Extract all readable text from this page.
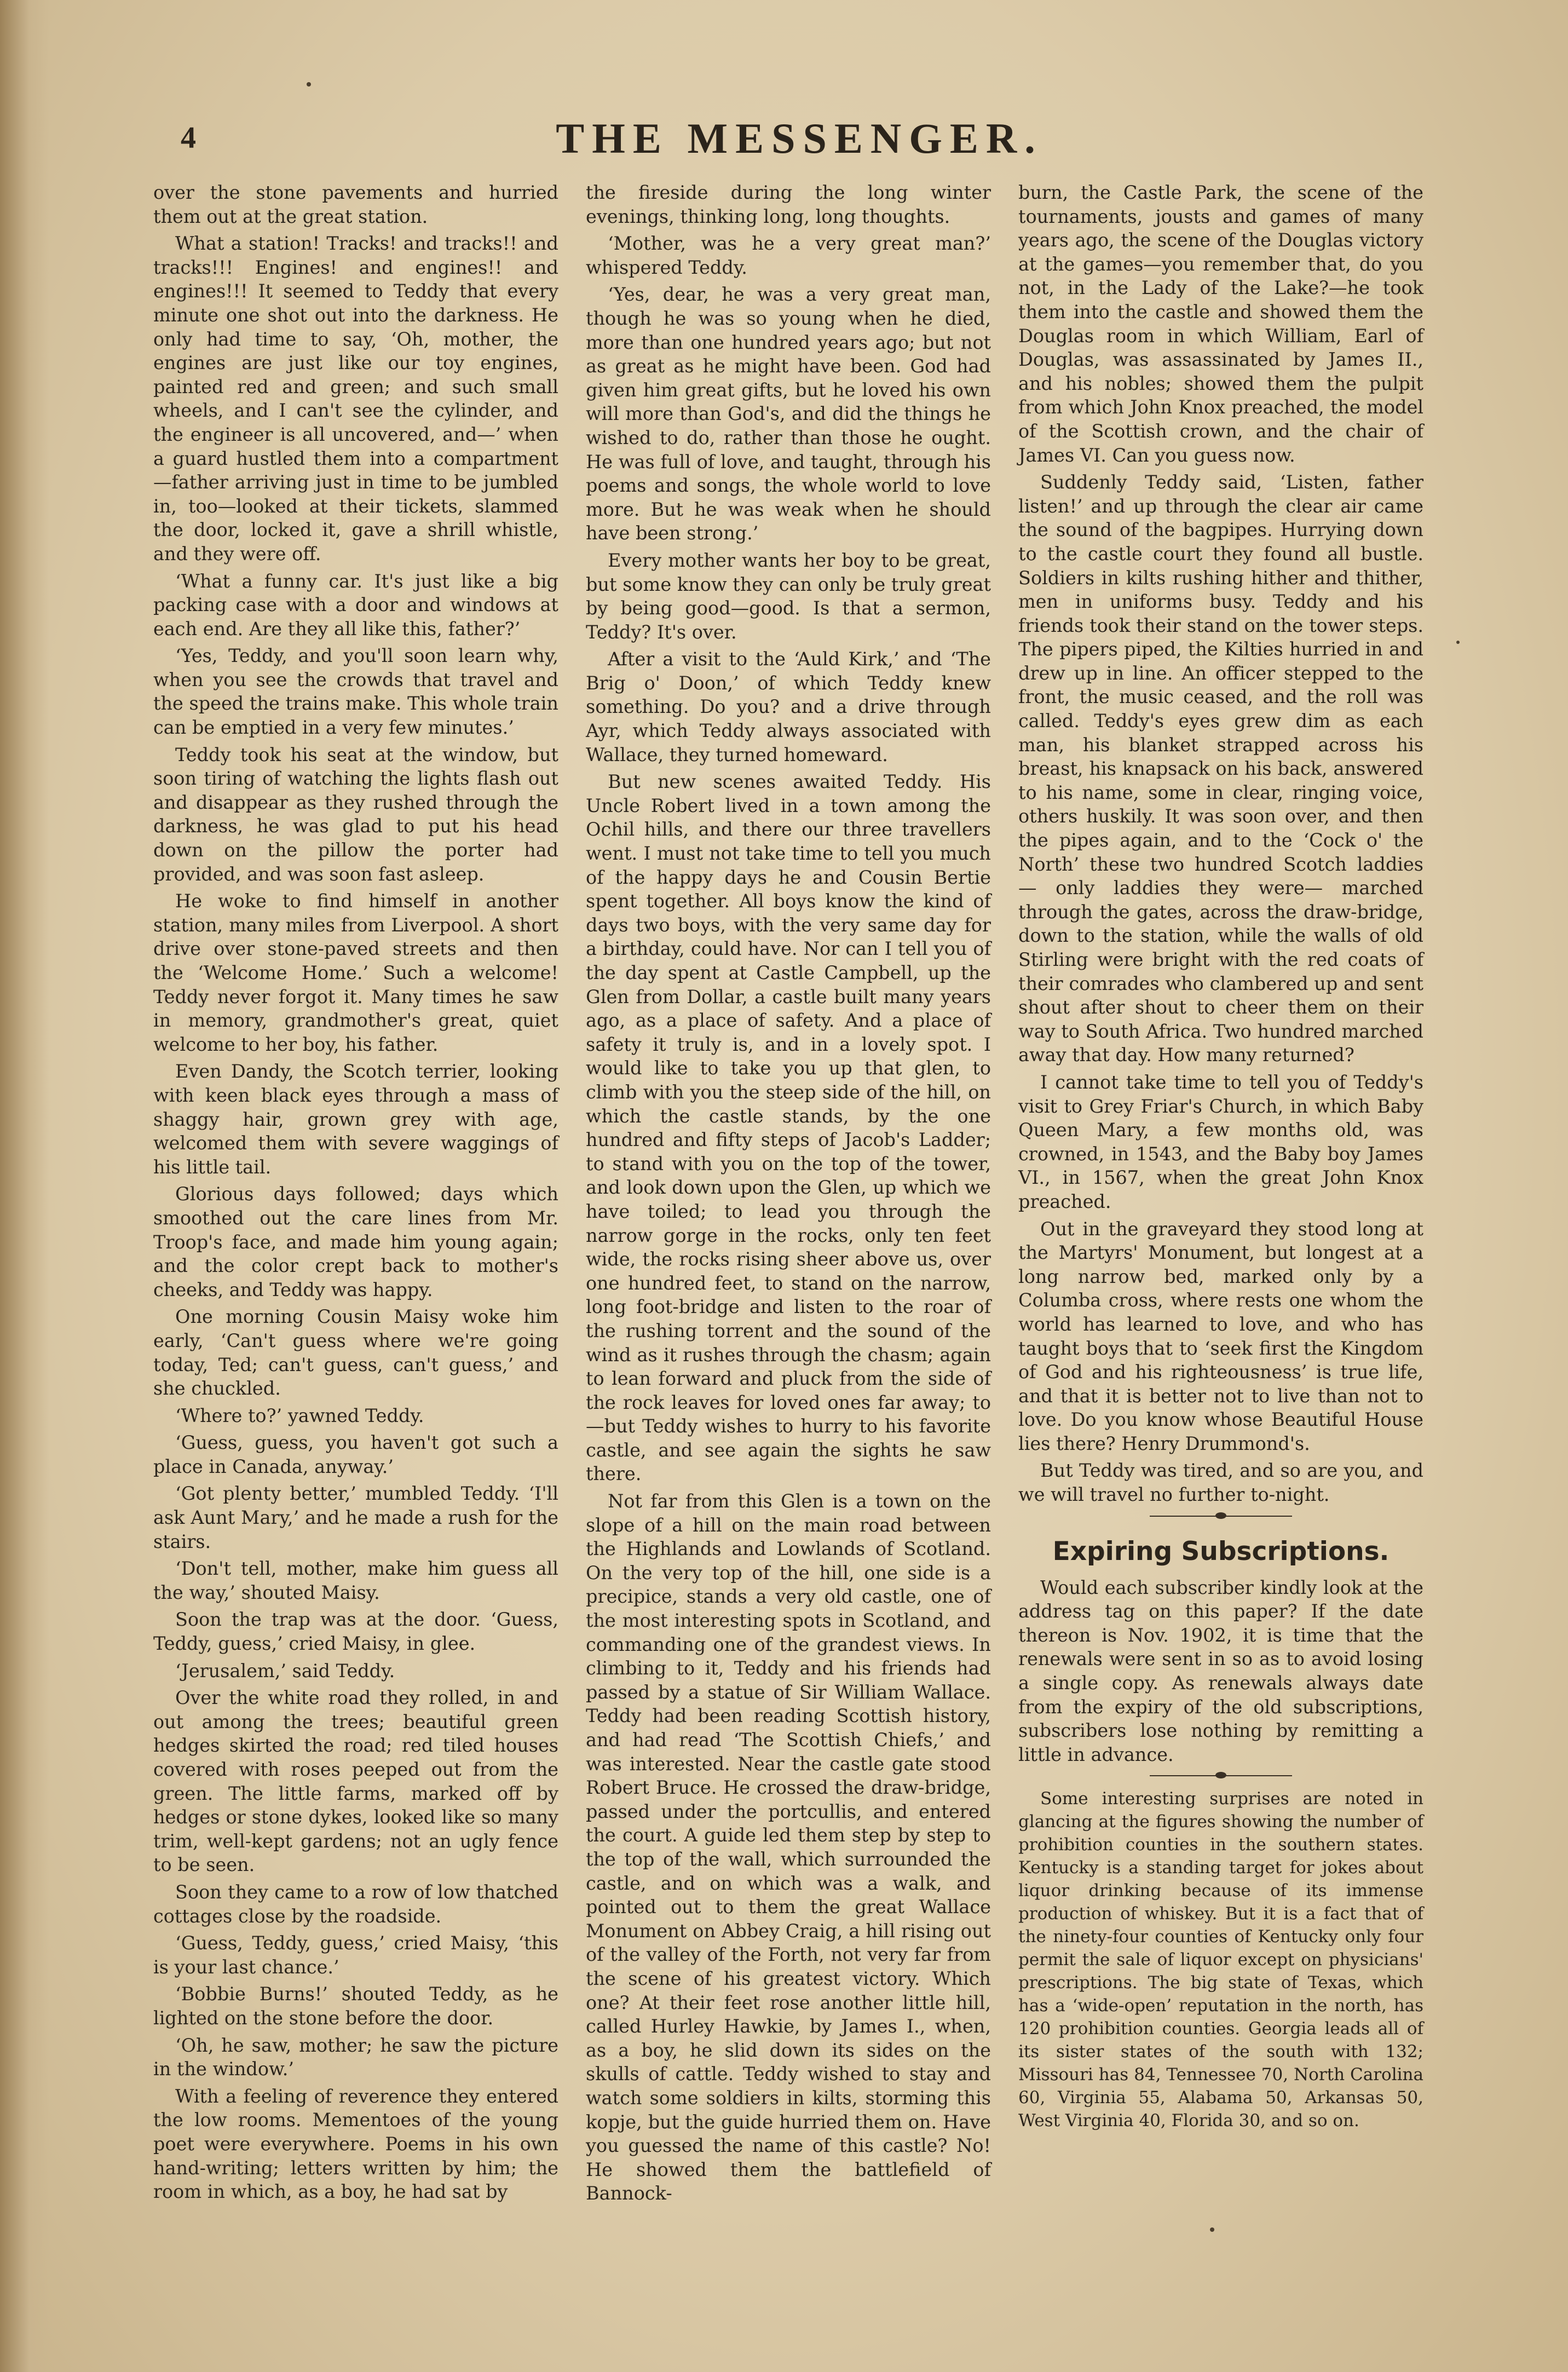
4	THE MESSENGER.

over the stone pavements and hurried them out at the great station.

What a station! Tracks! and tracks!! and tracks!!! Engines! and engines!! and engines!!! It seemed to Teddy that every minute one shot out into the darkness. He only had time to say, ‘Oh, mother, the engines are just like our toy engines, painted red and green; and such small wheels, and I can't see the cylinder, and the engineer is all uncovered, and—’ when a guard hustled them into a compartment—father arriving just in time to be jumbled in, too—looked at their tickets, slammed the door, locked it, gave a shrill whistle, and they were off.

‘What a funny car. It's just like a big packing case with a door and windows at each end. Are they all like this, father?’

‘Yes, Teddy, and you'll soon learn why, when you see the crowds that travel and the speed the trains make. This whole train can be emptied in a very few minutes.’

Teddy took his seat at the window, but soon tiring of watching the lights flash out and disappear as they rushed through the darkness, he was glad to put his head down on the pillow the porter had provided, and was soon fast asleep.

He woke to find himself in another station, many miles from Liverpool. A short drive over stone-paved streets and then the ‘Welcome Home.’ Such a welcome! Teddy never forgot it. Many times he saw in memory, grandmother's great, quiet welcome to her boy, his father.

Even Dandy, the Scotch terrier, looking with keen black eyes through a mass of shaggy hair, grown grey with age, welcomed them with severe waggings of his little tail.

Glorious days followed; days which smoothed out the care lines from Mr. Troop's face, and made him young again; and the color crept back to mother's cheeks, and Teddy was happy.

One morning Cousin Maisy woke him early, ‘Can't guess where we're going today, Ted; can't guess, can't guess,’ and she chuckled.

‘Where to?’ yawned Teddy.

‘Guess, guess, you haven't got such a place in Canada, anyway.’

‘Got plenty better,’ mumbled Teddy. ‘I'll ask Aunt Mary,’ and he made a rush for the stairs.

‘Don't tell, mother, make him guess all the way,’ shouted Maisy.

Soon the trap was at the door. ‘Guess, Teddy, guess,’ cried Maisy, in glee.

‘Jerusalem,’ said Teddy.

Over the white road they rolled, in and out among the trees; beautiful green hedges skirted the road; red tiled houses covered with roses peeped out from the green. The little farms, marked off by hedges or stone dykes, looked like so many trim, well-kept gardens; not an ugly fence to be seen.

Soon they came to a row of low thatched cottages close by the roadside.

‘Guess, Teddy, guess,’ cried Maisy, ‘this is your last chance.’

‘Bobbie Burns!’ shouted Teddy, as he lighted on the stone before the door.

‘Oh, he saw, mother; he saw the picture in the window.’

With a feeling of reverence they entered the low rooms. Mementoes of the young poet were everywhere. Poems in his own hand-writing; letters written by him; the room in which, as a boy, he had sat by

the fireside during the long winter evenings, thinking long, long thoughts.

‘Mother, was he a very great man?’ whispered Teddy.

‘Yes, dear, he was a very great man, though he was so young when he died, more than one hundred years ago; but not as great as he might have been. God had given him great gifts, but he loved his own will more than God's, and did the things he wished to do, rather than those he ought. He was full of love, and taught, through his poems and songs, the whole world to love more. But he was weak when he should have been strong.’

Every mother wants her boy to be great, but some know they can only be truly great by being good—good. Is that a sermon, Teddy? It's over.

After a visit to the ‘Auld Kirk,’ and ‘The Brig o' Doon,’ of which Teddy knew something. Do you? and a drive through Ayr, which Teddy always associated with Wallace, they turned homeward.

But new scenes awaited Teddy. His Uncle Robert lived in a town among the Ochil hills, and there our three travellers went. I must not take time to tell you much of the happy days he and Cousin Bertie spent together. All boys know the kind of days two boys, with the very same day for a birthday, could have. Nor can I tell you of the day spent at Castle Campbell, up the Glen from Dollar, a castle built many years ago, as a place of safety. And a place of safety it truly is, and in a lovely spot. I would like to take you up that glen, to climb with you the steep side of the hill, on which the castle stands, by the one hundred and fifty steps of Jacob's Ladder; to stand with you on the top of the tower, and look down upon the Glen, up which we have toiled; to lead you through the narrow gorge in the rocks, only ten feet wide, the rocks rising sheer above us, over one hundred feet, to stand on the narrow, long foot-bridge and listen to the roar of the rushing torrent and the sound of the wind as it rushes through the chasm; again to lean forward and pluck from the side of the rock leaves for loved ones far away; to—but Teddy wishes to hurry to his favorite castle, and see again the sights he saw there.

Not far from this Glen is a town on the slope of a hill on the main road between the Highlands and Lowlands of Scotland. On the very top of the hill, one side is a precipice, stands a very old castle, one of the most interesting spots in Scotland, and commanding one of the grandest views. In climbing to it, Teddy and his friends had passed by a statue of Sir William Wallace. Teddy had been reading Scottish history, and had read ‘The Scottish Chiefs,’ and was interested. Near the castle gate stood Robert Bruce. He crossed the draw-bridge, passed under the portcullis, and entered the court. A guide led them step by step to the top of the wall, which surrounded the castle, and on which was a walk, and pointed out to them the great Wallace Monument on Abbey Craig, a hill rising out of the valley of the Forth, not very far from the scene of his greatest victory. Which one? At their feet rose another little hill, called Hurley Hawkie, by James I., when, as a boy, he slid down its sides on the skulls of cattle. Teddy wished to stay and watch some soldiers in kilts, storming this kopje, but the guide hurried them on. Have you guessed the name of this castle? No! He showed them the battlefield of Bannock-

burn, the Castle Park, the scene of the tournaments, jousts and games of many years ago, the scene of the Douglas victory at the games—you remember that, do you not, in the Lady of the Lake?—he took them into the castle and showed them the Douglas room in which William, Earl of Douglas, was assassinated by James II., and his nobles; showed them the pulpit from which John Knox preached, the model of the Scottish crown, and the chair of James VI. Can you guess now.

Suddenly Teddy said, ‘Listen, father listen!’ and up through the clear air came the sound of the bagpipes. Hurrying down to the castle court they found all bustle. Soldiers in kilts rushing hither and thither, men in uniforms busy. Teddy and his friends took their stand on the tower steps. The pipers piped, the Kilties hurried in and drew up in line. An officer stepped to the front, the music ceased, and the roll was called. Teddy's eyes grew dim as each man, his blanket strapped across his breast, his knapsack on his back, answered to his name, some in clear, ringing voice, others huskily. It was soon over, and then the pipes again, and to the ‘Cock o' the North’ these two hundred Scotch laddies — only laddies they were— marched through the gates, across the draw-bridge, down to the station, while the walls of old Stirling were bright with the red coats of their comrades who clambered up and sent shout after shout to cheer them on their way to South Africa. Two hundred marched away that day. How many returned?

I cannot take time to tell you of Teddy's visit to Grey Friar's Church, in which Baby Queen Mary, a few months old, was crowned, in 1543, and the Baby boy James VI., in 1567, when the great John Knox preached.

Out in the graveyard they stood long at the Martyrs' Monument, but longest at a long narrow bed, marked only by a Columba cross, where rests one whom the world has learned to love, and who has taught boys that to ‘seek first the Kingdom of God and his righteousness’ is true life, and that it is better not to live than not to love. Do you know whose Beautiful House lies there? Henry Drummond's.

But Teddy was tired, and so are you, and we will travel no further to-night.

Expiring Subscriptions.

Would each subscriber kindly look at the address tag on this paper? If the date thereon is Nov. 1902, it is time that the renewals were sent in so as to avoid losing a single copy. As renewals always date from the expiry of the old subscriptions, subscribers lose nothing by remitting a little in advance.

Some interesting surprises are noted in glancing at the figures showing the number of prohibition counties in the southern states. Kentucky is a standing target for jokes about liquor drinking because of its immense production of whiskey. But it is a fact that of the ninety-four counties of Kentucky only four permit the sale of liquor except on physicians' prescriptions. The big state of Texas, which has a ‘wide-open’ reputation in the north, has 120 prohibition counties. Georgia leads all of its sister states of the south with 132; Missouri has 84, Tennessee 70, North Carolina 60, Virginia 55, Alabama 50, Arkansas 50, West Virginia 40, Florida 30, and so on.
